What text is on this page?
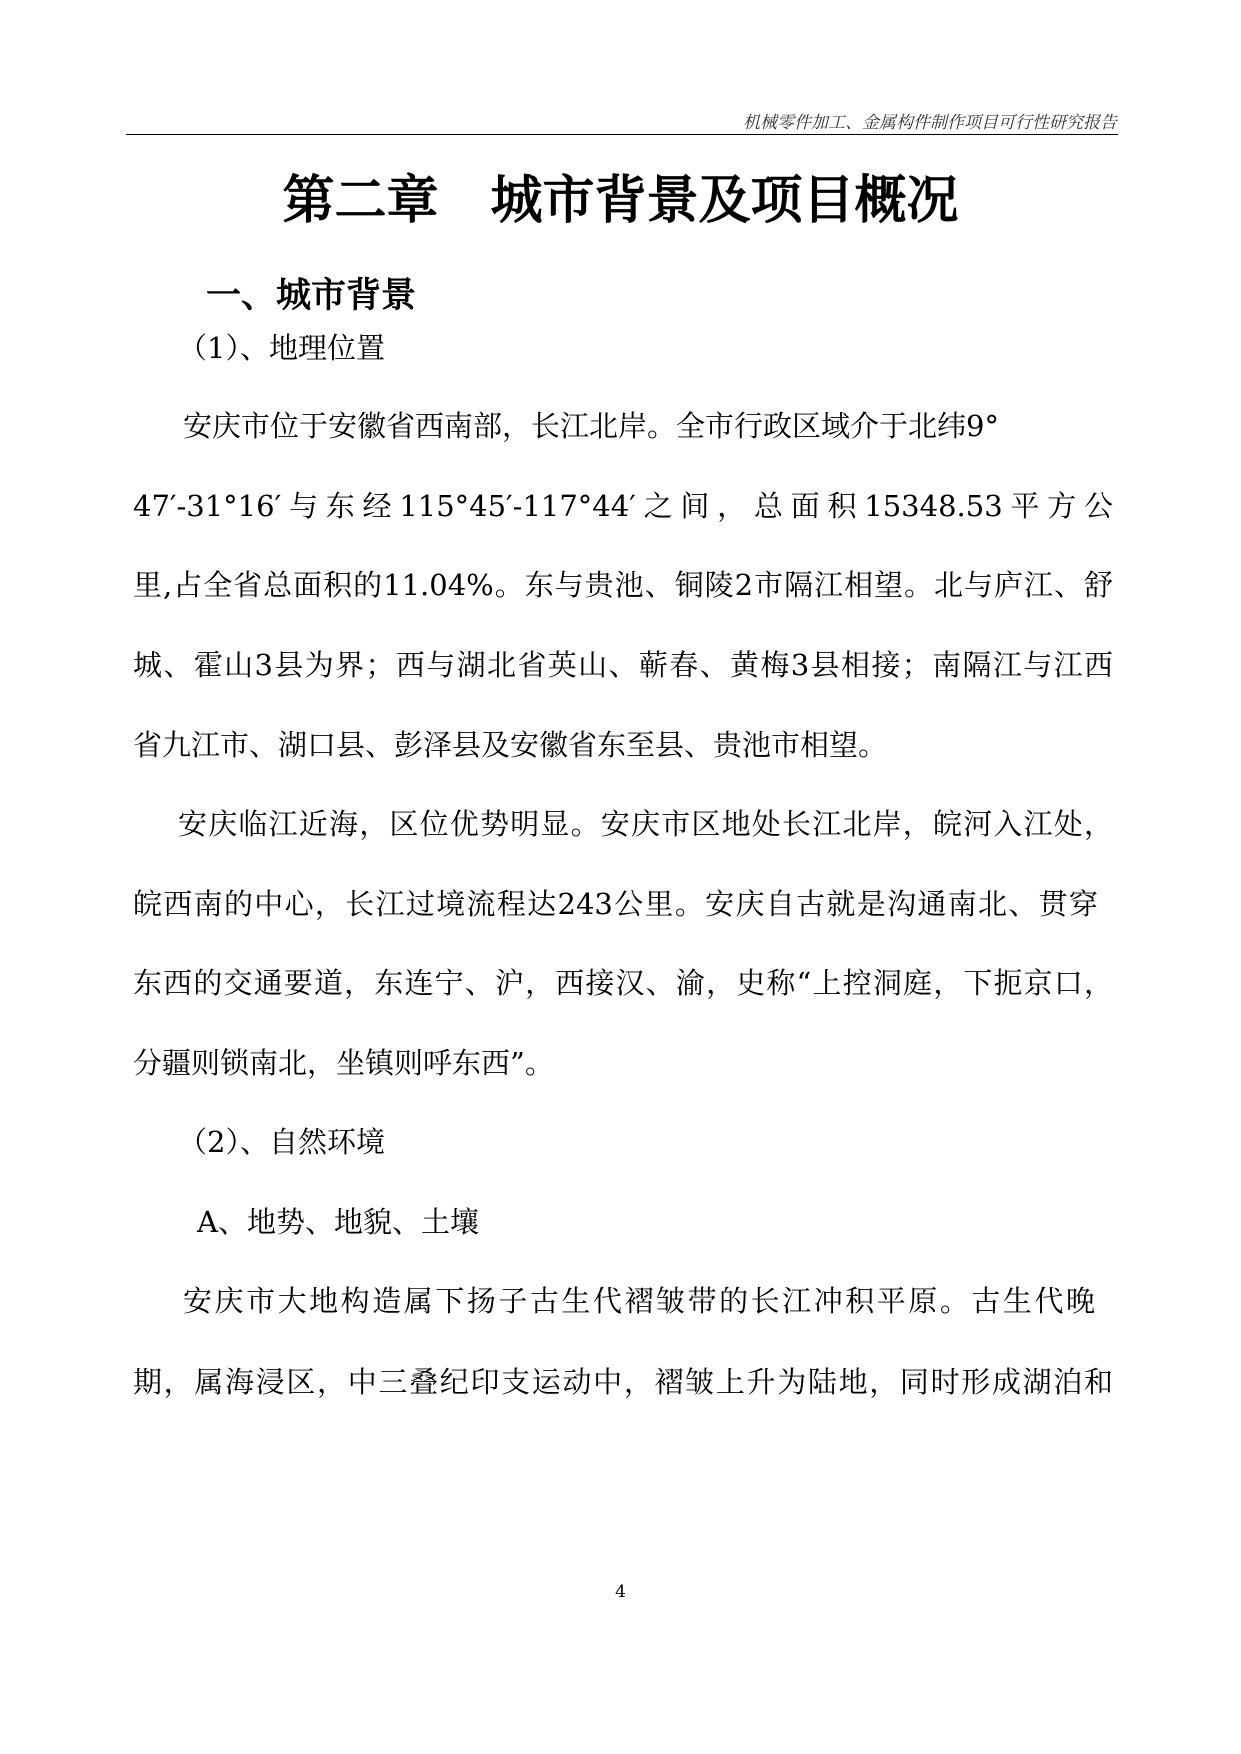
机械零件加工、金属构件制作项目可行性研究报告
第二章　城市背景及项目概况
一、城市背景
（1）、地理位置
安庆市位于安徽省西南部，长江北岸。全市行政区域介于北纬9°
47′-31°16′与东经115°45′-117°44′之间，总面积15348.53平方公
里,占全省总面积的11.04%。东与贵池、铜陵2市隔江相望。北与庐江、舒
城、霍山3县为界；西与湖北省英山、蕲春、黄梅3县相接；南隔江与江西
省九江市、湖口县、彭泽县及安徽省东至县、贵池市相望。
安庆临江近海，区位优势明显。安庆市区地处长江北岸，皖河入江处，
皖西南的中心，长江过境流程达243公里。安庆自古就是沟通南北、贯穿
东西的交通要道，东连宁、沪，西接汉、渝，史称“上控洞庭，下扼京口，
分疆则锁南北，坐镇则呼东西”。
（2）、自然环境
A、地势、地貌、土壤
安庆市大地构造属下扬子古生代褶皱带的长江冲积平原。古生代晚
期，属海浸区，中三叠纪印支运动中，褶皱上升为陆地，同时形成湖泊和
4
